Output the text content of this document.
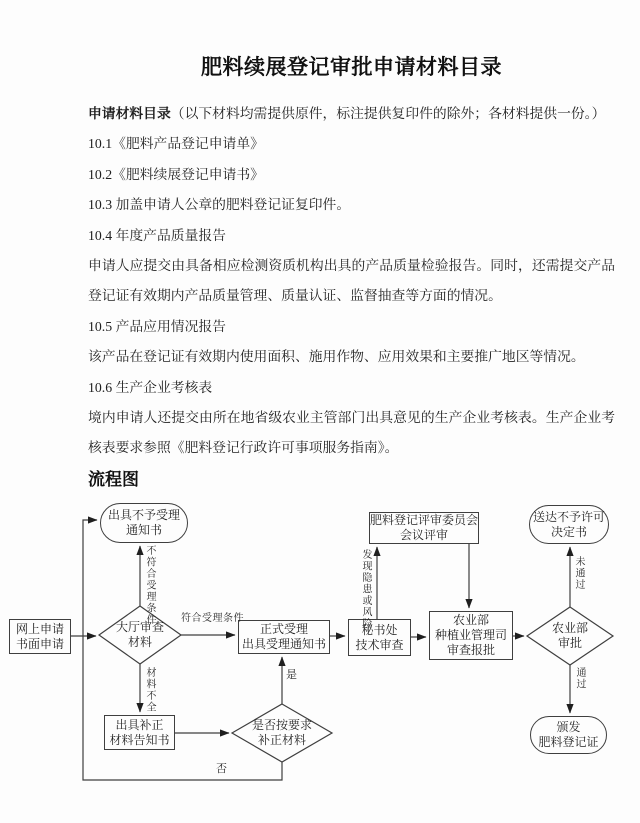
肥料续展登记审批申请材料目录

申请材料目录（以下材料均需提供原件，标注提供复印件的除外；各材料提供一份。）

10.1《肥料产品登记申请单》

10.2《肥料续展登记申请书》

10.3 加盖申请人公章的肥料登记证复印件。

10.4 年度产品质量报告

申请人应提交由具备相应检测资质机构出具的产品质量检验报告。同时，还需提交产品登记证有效期内产品质量管理、质量认证、监督抽查等方面的情况。

10.5 产品应用情况报告

该产品在登记证有效期内使用面积、施用作物、应用效果和主要推广地区等情况。

10.6 生产企业考核表

境内申请人还提交由所在地省级农业主管部门出具意见的生产企业考核表。生产企业考核表要求参照《肥料登记行政许可事项服务指南》。

流程图
出具不予受理
通知书
网上申请
书面申请
大厅审查
材料
正式受理
出具受理通知书
出具补正
材料告知书
是否按要求
补正材料
肥料登记评审委员会
会议评审
秘书处
技术审查
农业部
种植业管理司
审查报批
农业部
审批
送达不予许可
决定书
颁发
肥料登记证
不符合受理条件	符合受理条件
材料不全	是
否
发现隐患或风险	未通过
通过
